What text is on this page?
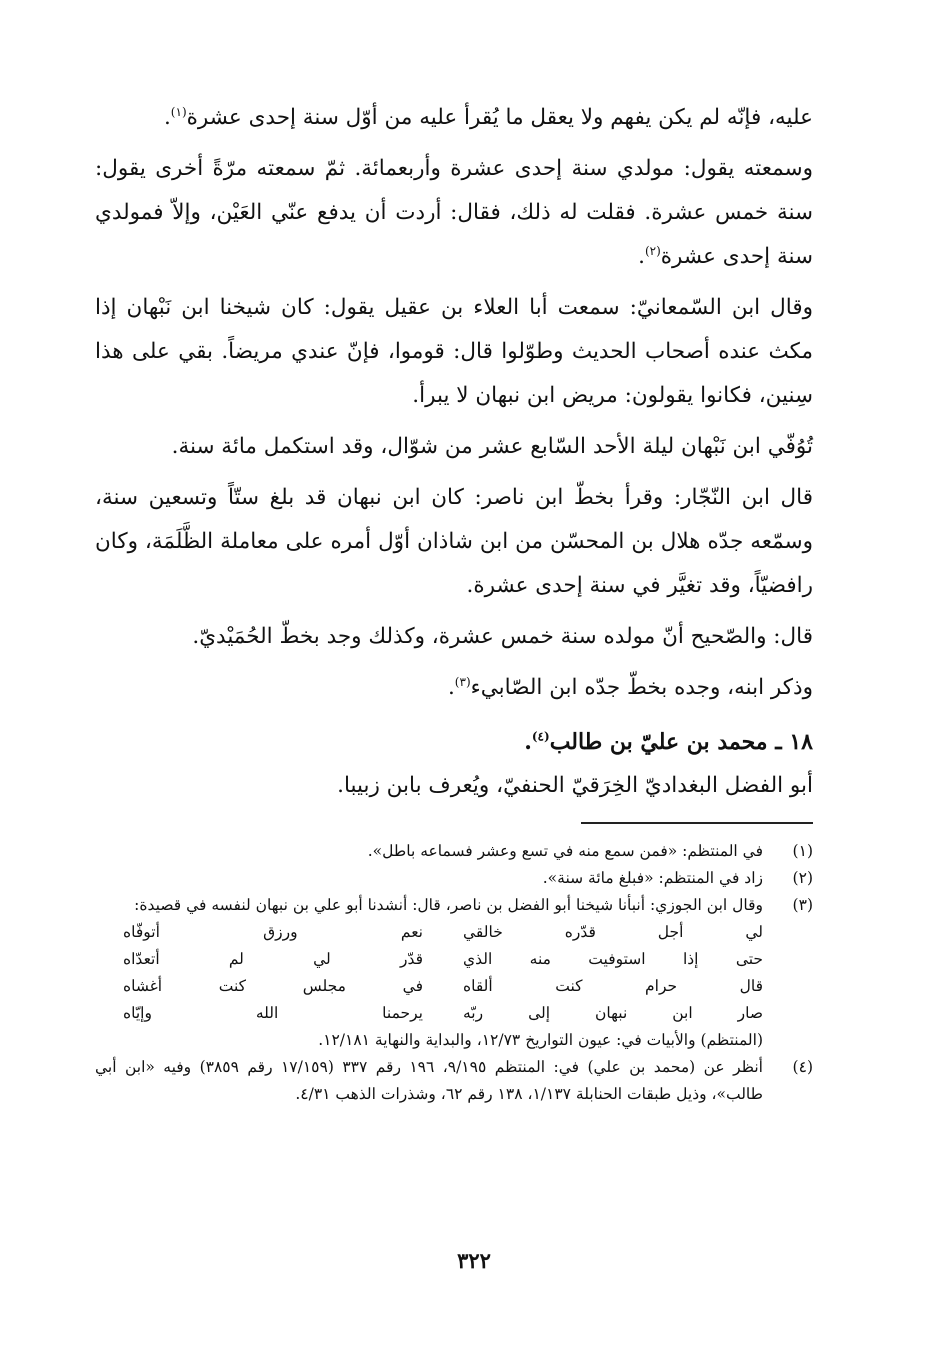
عليه، فإنّه لم يكن يفهم ولا يعقل ما يُقرأ عليه من أوّل سنة إحدى عشرة$^{(١)}$.

وسمعته يقول: مولدي سنة إحدى عشرة وأربعمائة. ثمّ سمعته مرّةً أخرى يقول: سنة خمس عشرة. فقلت له ذلك، فقال: أردت أن يدفع عنّي العَيْن، وإلاّ فمولدي سنة إحدى عشرة$^{(٢)}$.

وقال ابن السّمعانيّ: سمعت أبا العلاء بن عقيل يقول: كان شيخنا ابن نَبْهان إذا مكث عنده أصحاب الحديث وطوّلوا قال: قوموا، فإنّ عندي مريضاً. بقي على هذا سِنين، فكانوا يقولون: مريض ابن نبهان لا يبرأ.

تُوُفّي ابن نَبْهان ليلة الأحد السّابع عشر من شوّال، وقد استكمل مائة سنة.

قال ابن النّجّار: وقرأ بخطّ ابن ناصر: كان ابن نبهان قد بلغ ستّاً وتسعين سنة، وسمّعه جدّه هلال بن المحسّن من ابن شاذان أوّل أمره على معاملة الظَّلَمَة، وكان رافضيّاً، وقد تغيَّر في سنة إحدى عشرة.

قال: والصّحيح أنّ مولده سنة خمس عشرة، وكذلك وجد بخطّ الحُمَيْديّ.

وذكر ابنه، وجده بخطّ جدّه ابن الصّابيء$^{(٣)}$.

١٨ ـ محمد بن عليّ بن طالب$^{(٤)}$.

أبو الفضل البغداديّ الخِرَقيّ الحنفيّ، ويُعرف بابن زبيبا.

(١)
في المنتظم: «فمن سمع منه في تسع وعشر فسماعه باطل».
(٢)
زاد في المنتظم: «فبلغ مائة سنة».
(٣)
وقال ابن الجوزي: أنبأنا شيخنا أبو الفضل بن ناصر، قال: أنشدنا أبو علي بن نبهان لنفسه في قصيدة:
لي أجل قدّره خالقي
نعم ورزق أتوفّاه
حتى إذا استوفيت منه الذي
قدّر لي لم أتعدّاه
قال حرام كنت ألقاه
في مجلس كنت أغشاه
صار ابن نبهان إلى ربّه
يرحمنا الله وإيّاه
(المنتظم) والأبيات في: عيون التواريخ ١٢/٧٣، والبداية والنهاية ١٢/١٨١.
(٤)
أنظر عن (محمد بن علي) في: المنتظم ٩/١٩٥، ١٩٦ رقم ٣٣٧ (١٧/١٥٩ رقم ٣٨٥٩) وفيه «ابن أبي طالب»، وذيل طبقات الحنابلة ١/١٣٧، ١٣٨ رقم ٦٢، وشذرات الذهب ٤/٣١.
٣٢٢
